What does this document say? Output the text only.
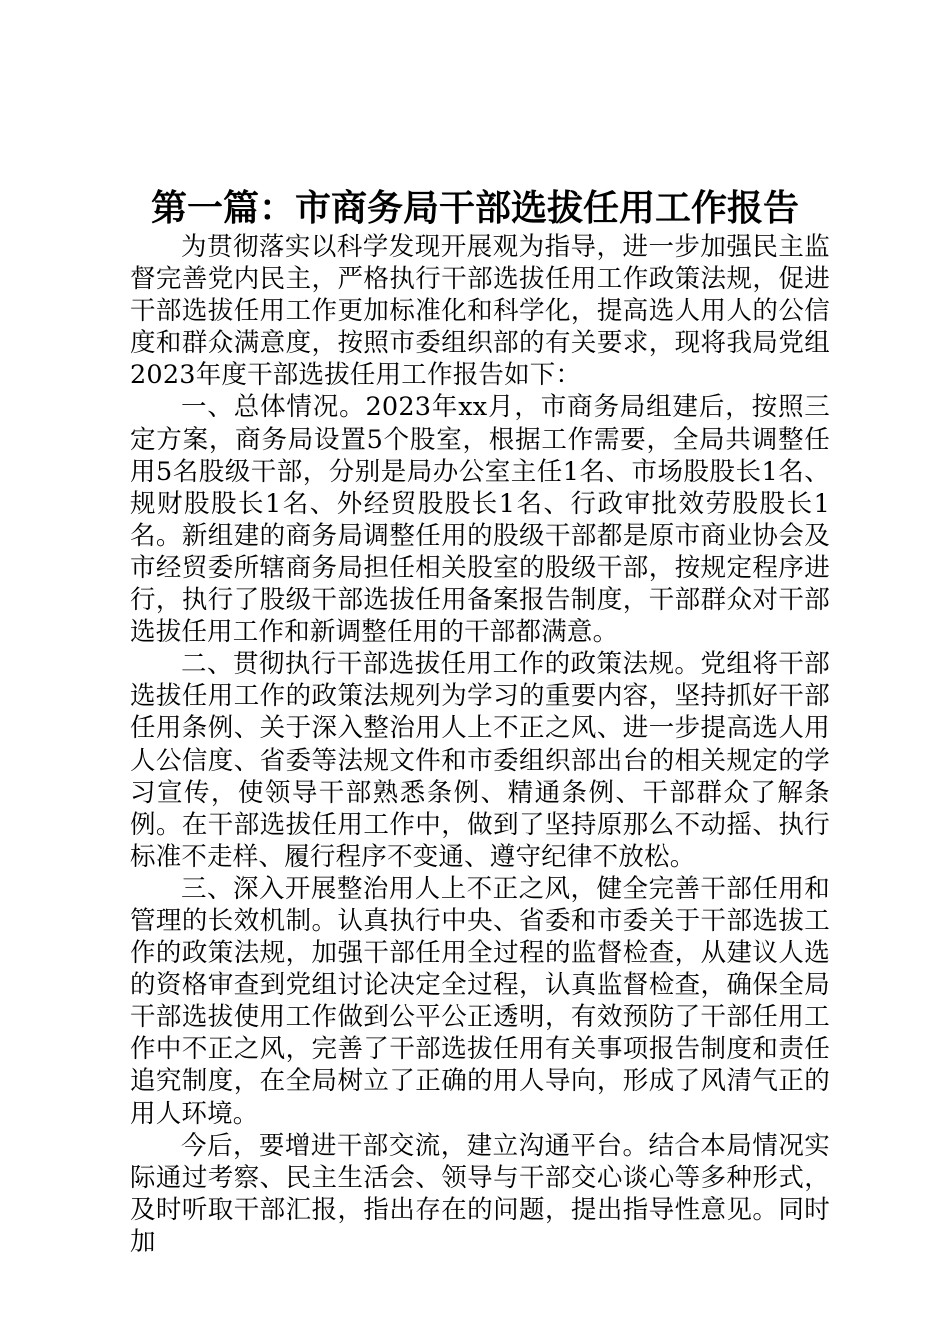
第一篇：市商务局干部选拔任用工作报告

为贯彻落实以科学发现开展观为指导，进一步加强民主监督完善党内民主，严格执行干部选拔任用工作政策法规，促进干部选拔任用工作更加标准化和科学化，提高选人用人的公信度和群众满意度，按照市委组织部的有关要求，现将我局党组2023年度干部选拔任用工作报告如下：

一、总体情况。2023年xx月，市商务局组建后，按照三定方案，商务局设置5个股室，根据工作需要，全局共调整任用5名股级干部，分别是局办公室主任1名、市场股股长1名、规财股股长1名、外经贸股股长1名、行政审批效劳股股长1名。新组建的商务局调整任用的股级干部都是原市商业协会及市经贸委所辖商务局担任相关股室的股级干部，按规定程序进行，执行了股级干部选拔任用备案报告制度，干部群众对干部选拔任用工作和新调整任用的干部都满意。

二、贯彻执行干部选拔任用工作的政策法规。党组将干部选拔任用工作的政策法规列为学习的重要内容，坚持抓好干部任用条例、关于深入整治用人上不正之风、进一步提高选人用人公信度、省委等法规文件和市委组织部出台的相关规定的学习宣传，使领导干部熟悉条例、精通条例、干部群众了解条例。在干部选拔任用工作中，做到了坚持原那么不动摇、执行标准不走样、履行程序不变通、遵守纪律不放松。

三、深入开展整治用人上不正之风，健全完善干部任用和管理的长效机制。认真执行中央、省委和市委关于干部选拔工作的政策法规，加强干部任用全过程的监督检查，从建议人选的资格审查到党组讨论决定全过程，认真监督检查，确保全局干部选拔使用工作做到公平公正透明，有效预防了干部任用工作中不正之风，完善了干部选拔任用有关事项报告制度和责任追究制度，在全局树立了正确的用人导向，形成了风清气正的用人环境。

今后，要增进干部交流，建立沟通平台。结合本局情况实际通过考察、民主生活会、领导与干部交心谈心等多种形式，及时听取干部汇报，指出存在的问题，提出指导性意见。同时加
